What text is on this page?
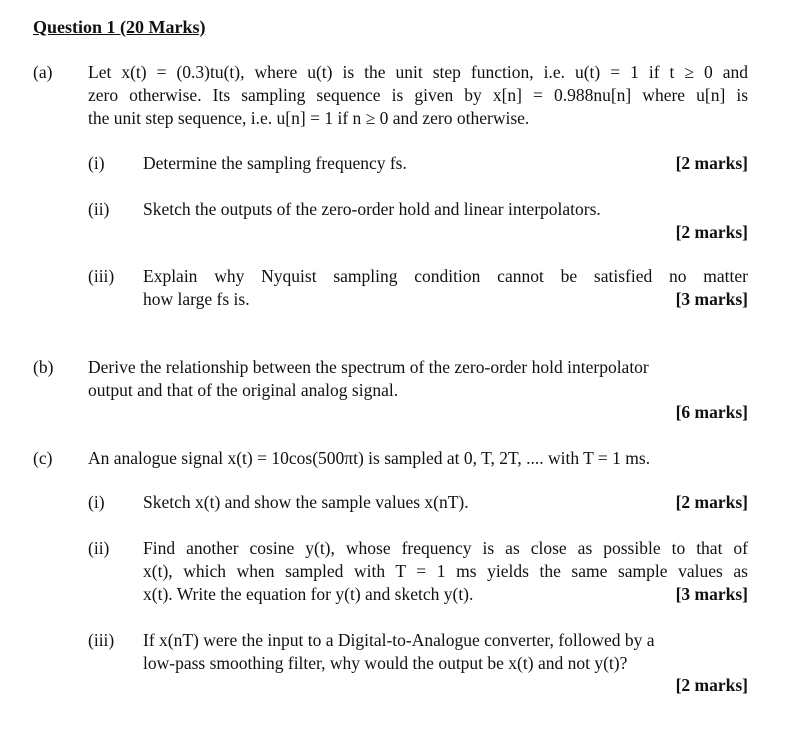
Question 1 (20 Marks)
(a) Let x(t) = (0.3)tu(t), where u(t) is the unit step function, i.e. u(t) = 1 if t ≥ 0 and
zero otherwise. Its sampling sequence is given by x[n] = 0.988nu[n] where u[n] is
the unit step sequence, i.e. u[n] = 1 if n ≥ 0 and zero otherwise.
(i) Determine the sampling frequency fs.	[2 marks]
(ii) Sketch the outputs of the zero-order hold and linear interpolators.
[2 marks]
(iii) Explain why Nyquist sampling condition cannot be satisfied no matter
how large fs is.	[3 marks]
(b) Derive the relationship between the spectrum of the zero-order hold interpolator
output and that of the original analog signal.
[6 marks]
(c) An analogue signal x(t) = 10cos(500πt) is sampled at 0, T, 2T, .... with T = 1 ms.
(i) Sketch x(t) and show the sample values x(nT).	[2 marks]
(ii) Find another cosine y(t), whose frequency is as close as possible to that of
x(t), which when sampled with T = 1 ms yields the same sample values as
x(t). Write the equation for y(t) and sketch y(t).	[3 marks]
(iii) If x(nT) were the input to a Digital-to-Analogue converter, followed by a
low-pass smoothing filter, why would the output be x(t) and not y(t)?
[2 marks]
